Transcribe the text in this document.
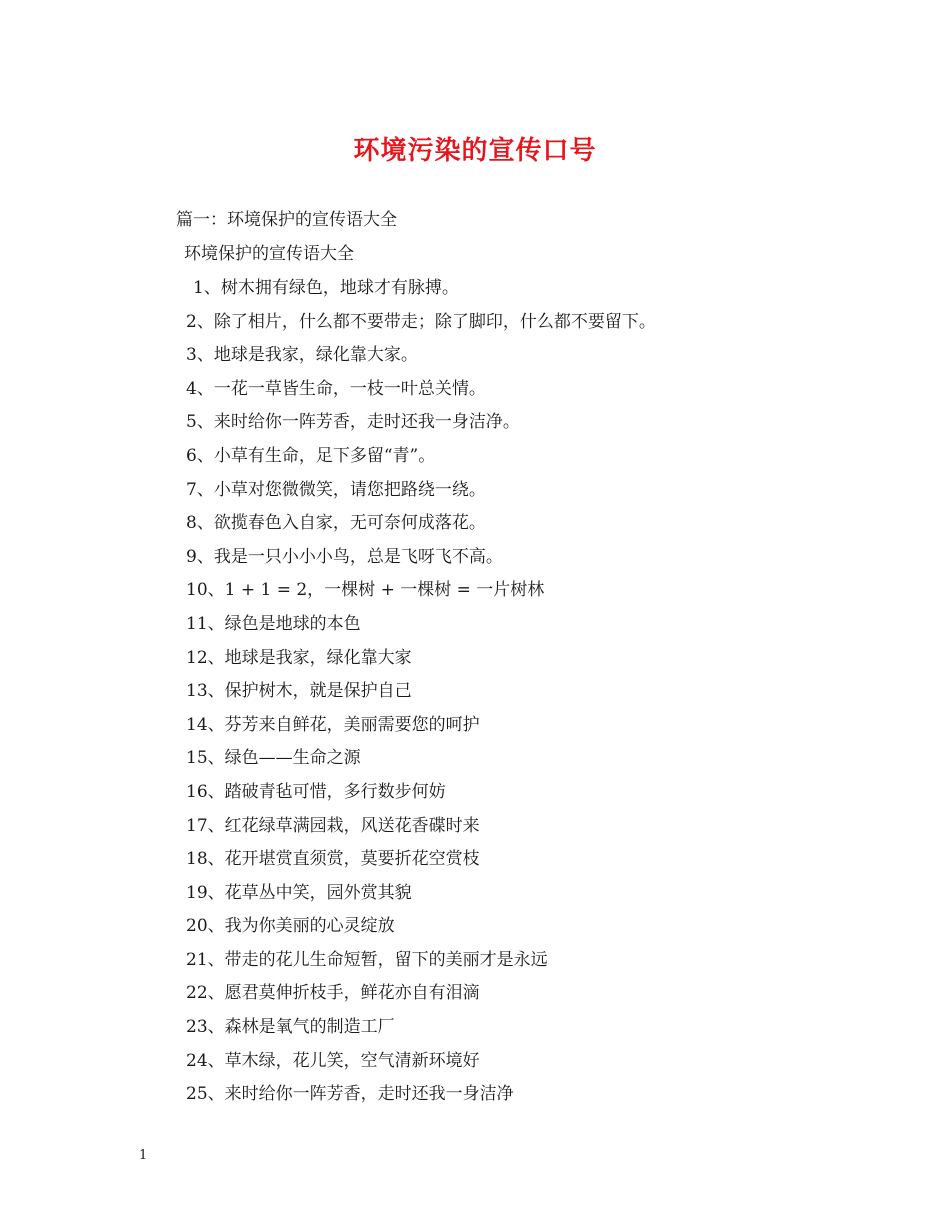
环境污染的宣传口号
篇一：环境保护的宣传语大全
环境保护的宣传语大全
1、树木拥有绿色，地球才有脉搏。
2、除了相片，什么都不要带走；除了脚印，什么都不要留下。
3、地球是我家，绿化靠大家。
4、一花一草皆生命，一枝一叶总关情。
5、来时给你一阵芳香，走时还我一身洁净。
6、小草有生命，足下多留“青”。
7、小草对您微微笑，请您把路绕一绕。
8、欲揽春色入自家，无可奈何成落花。
9、我是一只小小小鸟，总是飞呀飞不高。
10、1 + 1 = 2，一棵树 + 一棵树 = 一片树林
11、绿色是地球的本色
12、地球是我家，绿化靠大家
13、保护树木，就是保护自己
14、芬芳来自鲜花，美丽需要您的呵护
15、绿色——生命之源
16、踏破青毡可惜，多行数步何妨
17、红花绿草满园栽，风送花香碟时来
18、花开堪赏直须赏，莫要折花空赏枝
19、花草丛中笑，园外赏其貌
20、我为你美丽的心灵绽放
21、带走的花儿生命短暂，留下的美丽才是永远
22、愿君莫伸折枝手，鲜花亦自有泪滴
23、森林是氧气的制造工厂
24、草木绿，花儿笑，空气清新环境好
25、来时给你一阵芳香，走时还我一身洁净
1
